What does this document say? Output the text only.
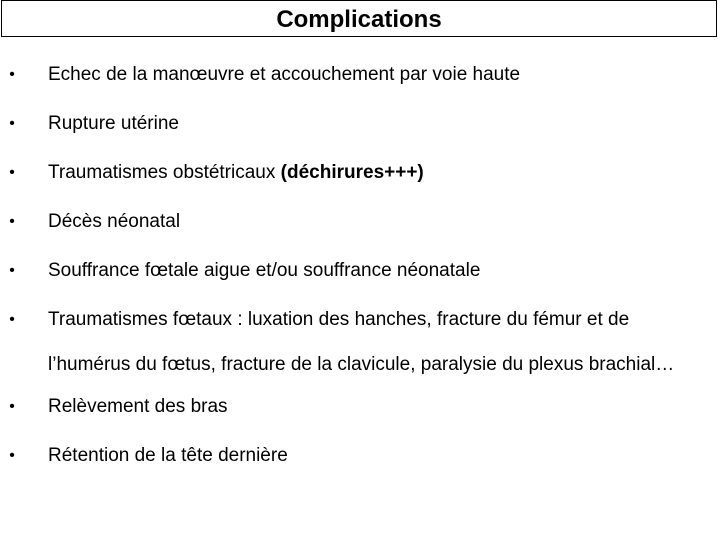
Complications
• Echec de la manœuvre et accouchement par voie haute
• Rupture utérine
• Traumatismes obstétricaux (déchirures+++)
• Décès néonatal
• Souffrance fœtale aigue et/ou souffrance néonatale
• Traumatismes fœtaux : luxation des hanches, fracture du fémur et de l’humérus du fœtus, fracture de la clavicule, paralysie du plexus brachial…
• Relèvement des bras
• Rétention de la tête dernière
